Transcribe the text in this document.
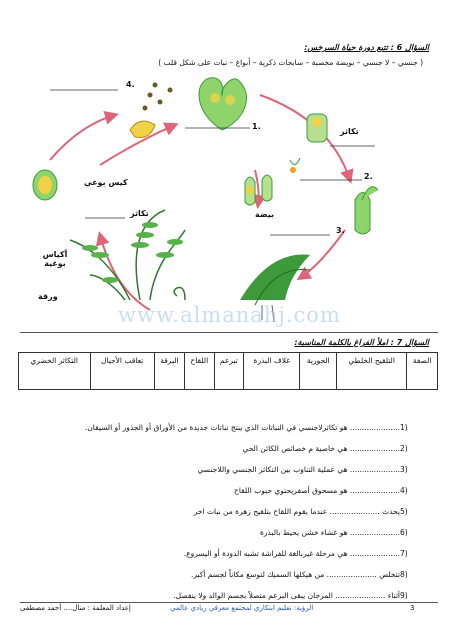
السؤال 6 : تتبع دورة حياة السرخس:
( جنسي – لا جنسي – بويضة مخصبة – سابحات ذكرية – أبواغ – نبات على شكل قلب )
1.
2.
3.
4.
تكاثر
تكاثر
كيس بوغي
بيضة
أكياس بوغية
ورقة
www.almanahj.com
السؤال 7 : املأ الفراغ بالكلمة المناسبة:
الصفة	التلقيح الخلطي	الحورية	غلاف البذرة	تبرعم	اللقاح	البرقة	تعاقب الأجيال	التكاثر الخضري
1)
..................... هو تكاثرلاجنسي في النباتات الذي ينتج نباتات جديدة من الأوراق أو الجذور أو السيقان.
2)
..................... هي خاصية م خصائص الكائن الحي
3)
..................... هي عملية التناوب بين التكاثر الجنسي واللاجنسي
4)
..................... هو مسحوق أصفريحتوي حبوب اللقاح
5)
يحدث ..................... عندما يقوم اللقاح بتلقيح زهرة من نبات اخر
6)
..................... هو غشاء خشن يحيط بالبذرة
7)
..................... هي مرحلة غيربالغة للفراشة تشبه الدودة أو اليسروع.
8)
تتخلص ..................... من هيكلها السميك لتوسع مكاناً لجسم أكبر.
9)
أثناء ..................... المرجان يبقى البرعم متصلاً بجسم الوالد ولا ينفصل.
3
الرؤية: تعليم ابتكاري لمجتمع معرفي ريادي عالمي
إعداد المعلمة : منال.... أحمد مصطفى
